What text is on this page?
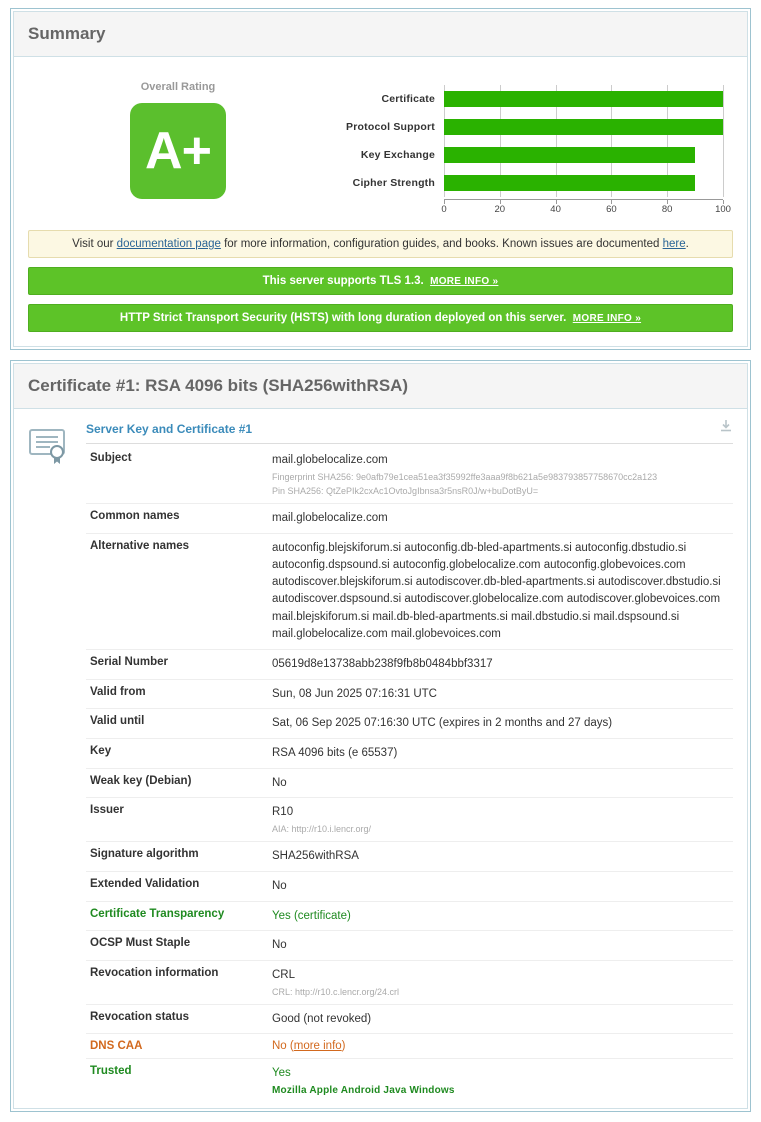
Summary
Overall Rating
A+
Certificate
Protocol Support
Key Exchange
Cipher Strength
0	20	40	60	80	100
Visit our documentation page for more information, configuration guides, and books. Known issues are documented here.
This server supports TLS 1.3. MORE INFO »
HTTP Strict Transport Security (HSTS) with long duration deployed on this server. MORE INFO »
Certificate #1: RSA 4096 bits (SHA256withRSA)
Server Key and Certificate #1
Subject	mail.globelocalize.com
Fingerprint SHA256: 9e0afb79e1cea51ea3f35992ffe3aaa9f8b621a5e983793857758670cc2a123
Pin SHA256: QtZePIk2cxAc1OvtoJgIbnsa3r5nsR0J/w+buDotByU=

Common names	mail.globelocalize.com
Alternative names	autoconfig.blejskiforum.si autoconfig.db-bled-apartments.si autoconfig.dbstudio.si autoconfig.dspsound.si autoconfig.globelocalize.com autoconfig.globevoices.com autodiscover.blejskiforum.si autodiscover.db-bled-apartments.si autodiscover.dbstudio.si autodiscover.dspsound.si autodiscover.globelocalize.com autodiscover.globevoices.com mail.blejskiforum.si mail.db-bled-apartments.si mail.dbstudio.si mail.dspsound.si mail.globelocalize.com mail.globevoices.com
Serial Number	05619d8e13738abb238f9fb8b0484bbf3317
Valid from	Sun, 08 Jun 2025 07:16:31 UTC
Valid until	Sat, 06 Sep 2025 07:16:30 UTC (expires in 2 months and 27 days)
Key	RSA 4096 bits (e 65537)
Weak key (Debian)	No
Issuer	R10
AIA: http://r10.i.lencr.org/

Signature algorithm	SHA256withRSA
Extended Validation	No
Certificate Transparency	Yes (certificate)
OCSP Must Staple	No
Revocation information	CRL
CRL: http://r10.c.lencr.org/24.crl

Revocation status	Good (not revoked)
DNS CAA	No (more info)
Trusted	Yes
Mozilla Apple Android Java Windows
